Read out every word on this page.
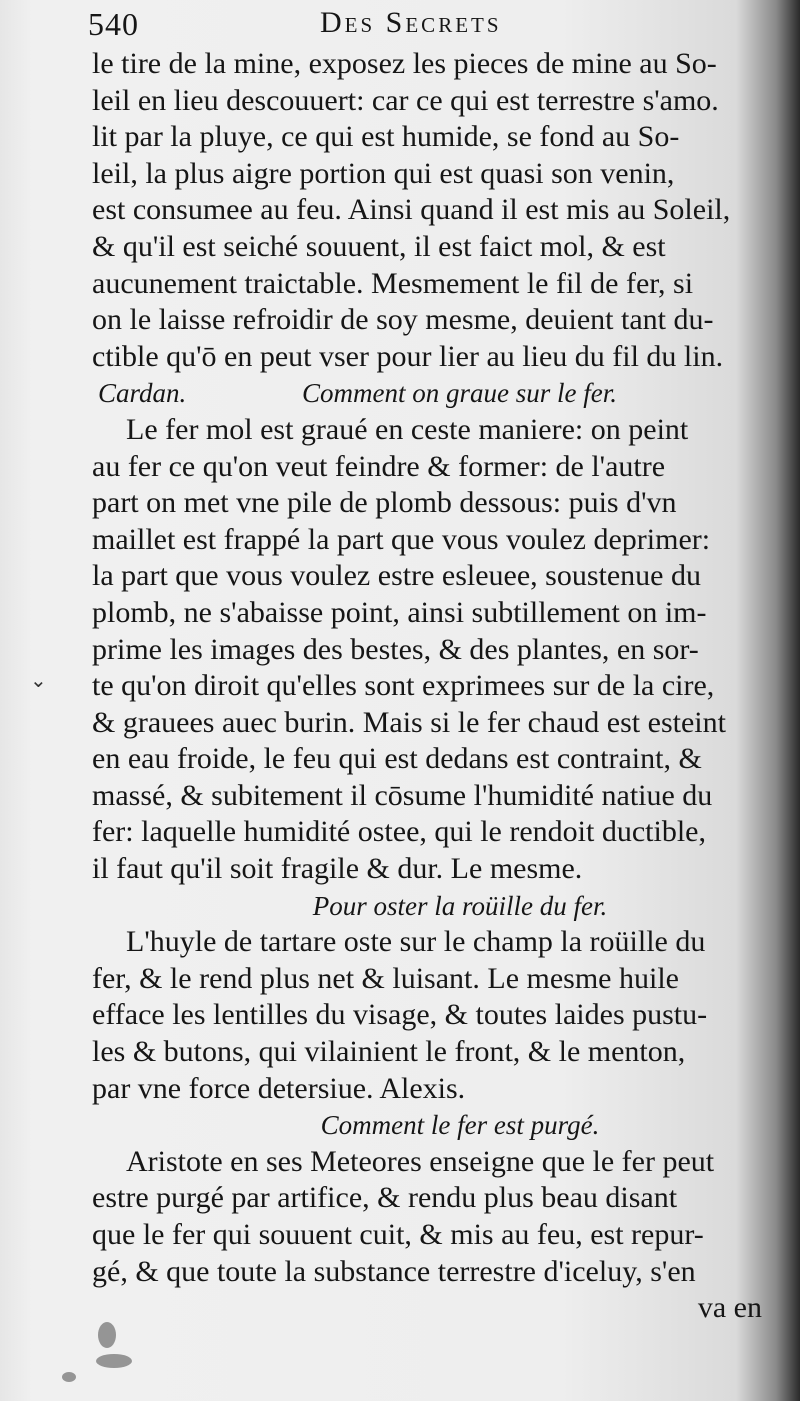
540	Des Secrets
le tire de la mine, exposez les pieces de mine au So-
leil en lieu descouuert: car ce qui est terrestre s'amo.
lit par la pluye, ce qui est humide, se fond au So-
leil, la plus aigre portion qui est quasi son venin,
est consumee au feu. Ainsi quand il est mis au Soleil,
& qu'il est seiché souuent, il est faict mol, & est
aucunement traictable. Mesmement le fil de fer, si
on le laisse refroidir de soy mesme, deuient tant du-
ctible qu'ō en peut vser pour lier au lieu du fil du lin.
Cardan.	Comment on graue sur le fer.
Le fer mol est graué en ceste maniere: on peint
au fer ce qu'on veut feindre & former: de l'autre
part on met vne pile de plomb dessous: puis d'vn
maillet est frappé la part que vous voulez deprimer:
la part que vous voulez estre esleuee, soustenue du
plomb, ne s'abaisse point, ainsi subtillement on im-
prime les images des bestes, & des plantes, en sor-
te qu'on diroit qu'elles sont exprimees sur de la cire,
& grauees auec burin. Mais si le fer chaud est esteint
en eau froide, le feu qui est dedans est contraint, &
massé, & subitement il cōsume l'humidité natiue du
fer: laquelle humidité ostee, qui le rendoit ductible,
il faut qu'il soit fragile & dur. Le mesme.
Pour oster la roüille du fer.
L'huyle de tartare oste sur le champ la roüille du
fer, & le rend plus net & luisant. Le mesme huile
efface les lentilles du visage, & toutes laides pustu-
les & butons, qui vilainient le front, & le menton,
par vne force detersiue. Alexis.
Comment le fer est purgé.
Aristote en ses Meteores enseigne que le fer peut
estre purgé par artifice, & rendu plus beau disant
que le fer qui souuent cuit, & mis au feu, est repur-
gé, & que toute la substance terrestre d'iceluy, s'en
va en
⌄
